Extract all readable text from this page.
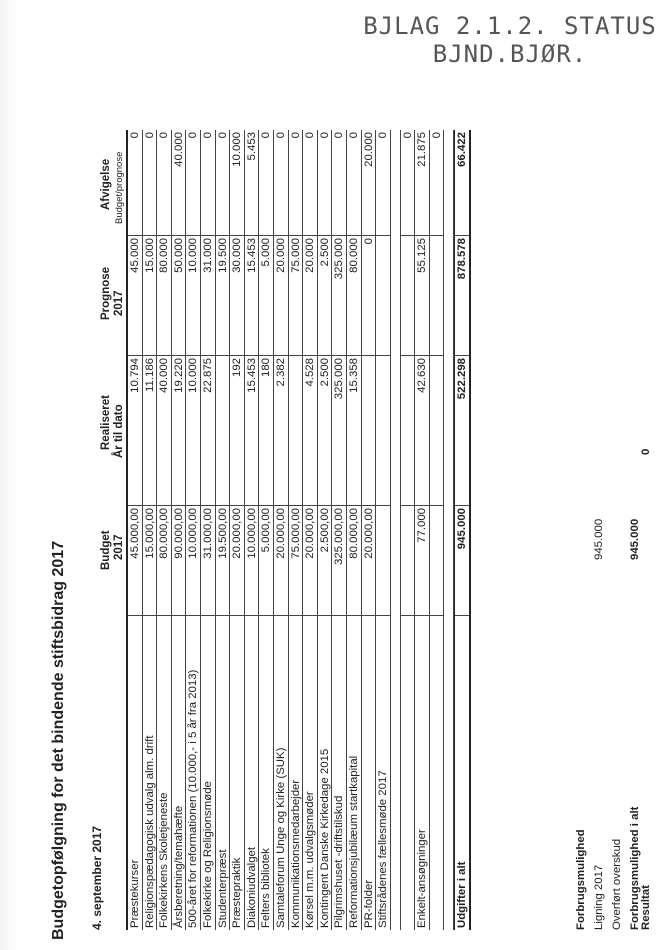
BJLAG 2.1.2. STATUS
BJND.BJØR.
Budgetopfølgning for det bindende stiftsbidrag 2017 4. september 2017
Budget 2017
Realiseret År til dato
Prognose 2017
Afvigelse Budget/prognose
Præstekurser
45.000,00
10.794
45.000
0
Religionspædagogisk udvalg alm. drift
15.000,00
11.186
15.000
0
Folkekirkens Skoletjeneste
80.000,00
40.000
80.000
0
Årsberetning/temahæfte
90.000,00
19.220
50.000
40.000
500-året for reformationen (10.000,- i 5 år fra 2013)
10.000,00
10.000
10.000
0
Folkekirke og Religionsmøde
31.000,00
22.875
31.000
0
Studenterpræst
19.500,00
19.500
0
Præstepraktik
20.000,00
192
30.000
10.000
Diakoniudvalget
10.000,00
15.453
15.453
5.453
Felters bibliotek
5.000,00
180
5.000
0
Samtaleforum Unge og Kirke (SUK)
20.000,00
2.382
20.000
0
Kommunikationsmedarbejder
75.000,00
75.000
0
Kørsel m.m. udvalgsmøder
20.000,00
4.528
20.000
0
Kontingent Danske Kirkedage 2015
2.500,00
2.500
2.500
0
Pilgrimshuset -driftstilskud
325.000,00
325.000
325.000
0
Reformationsjubilæum startkapital
80.000,00
15.358
80.000
0
PR-folder
20.000,00
0
20.000
Stiftsrådenes fællesmøde 2017
0 0
Enkelt-ansøgninger
77.000
42.630
55.125
21.875 0
Udgifter i alt
945.000
522.298
878.578
66.422
Forbrugsmulighed Ligning 2017
945.000
Overført overskud Forbrugsmulighed i alt
945.000
Resultat
0
